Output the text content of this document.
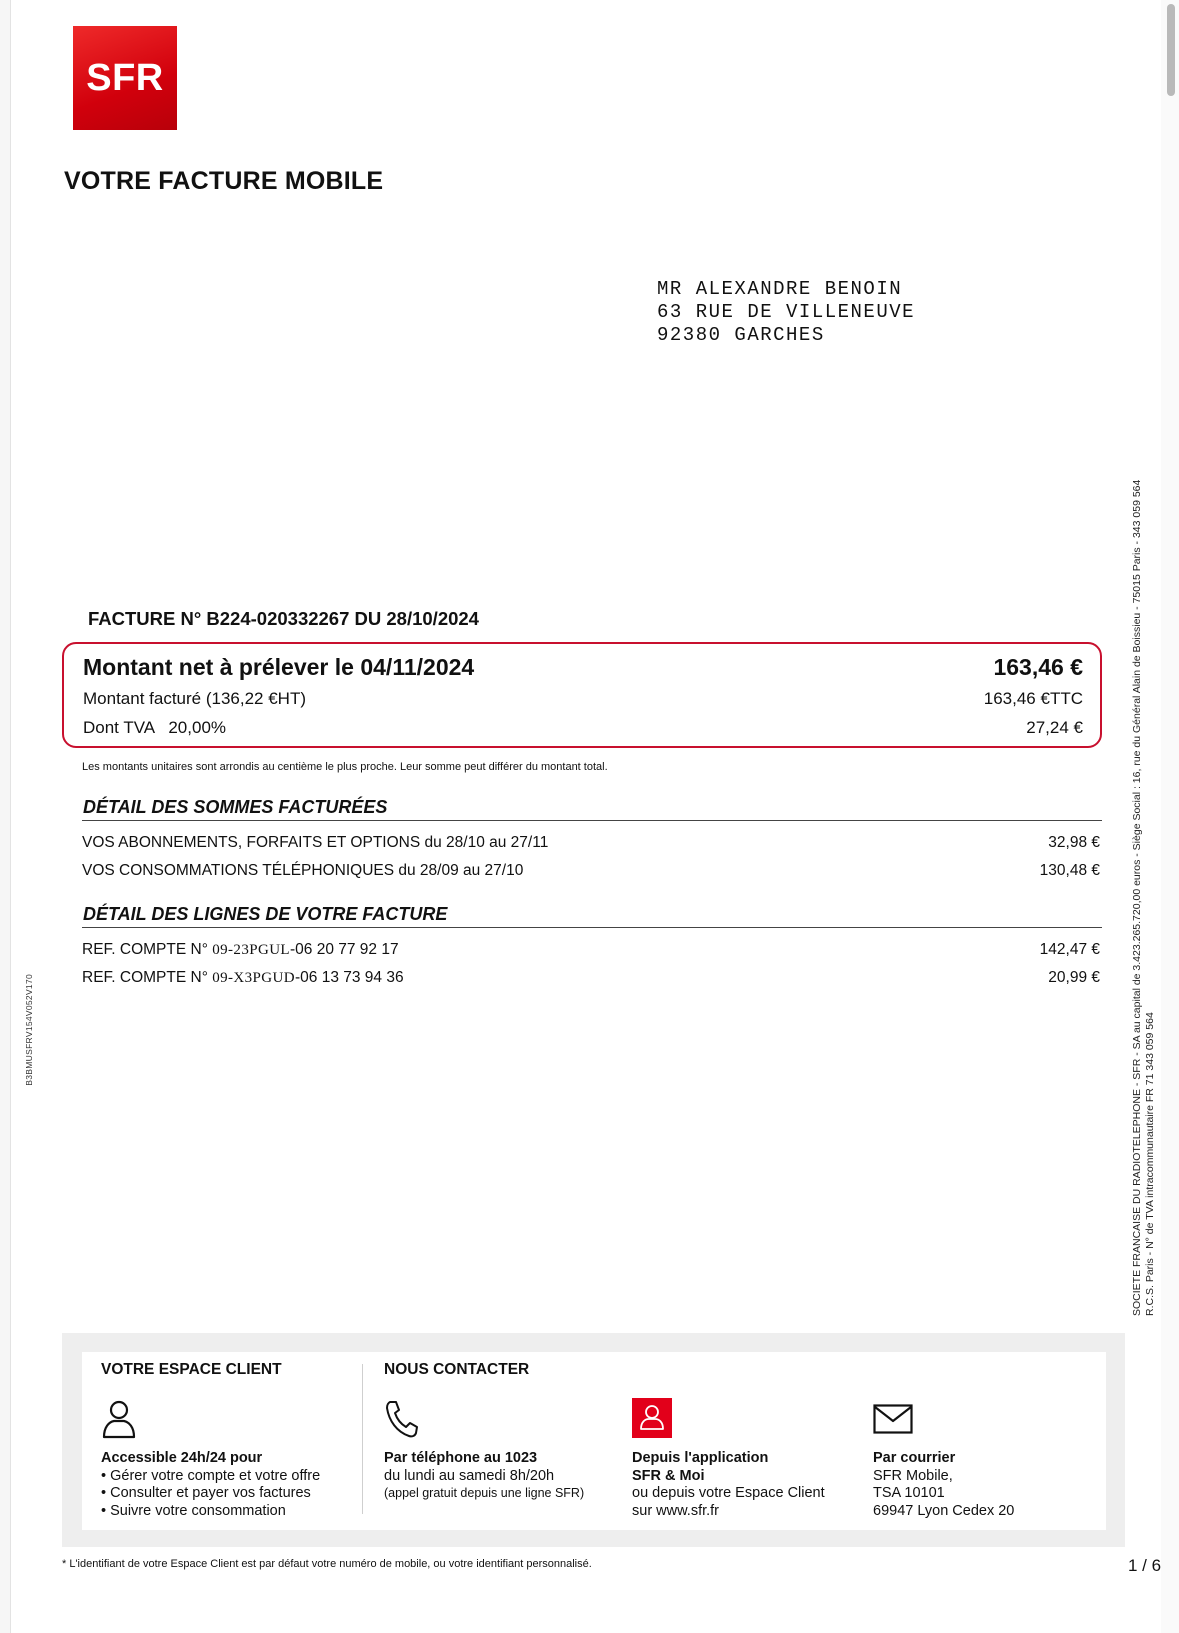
SFR
VOTRE FACTURE MOBILE
MR ALEXANDRE BENOIN
63 RUE DE VILLENEUVE
92380 GARCHES
FACTURE N° B224-020332267 DU 28/10/2024
Montant net à prélever le 04/11/2024	163,46 €
Montant facturé (136,22 €HT)	163,46 €TTC
Dont TVA   20,00%	27,24 €
Les montants unitaires sont arrondis au centième le plus proche. Leur somme peut différer du montant total.
DÉTAIL DES SOMMES FACTURÉES
VOS ABONNEMENTS, FORFAITS ET OPTIONS du 28/10 au 27/11	32,98 €
VOS CONSOMMATIONS TÉLÉPHONIQUES du 28/09 au 27/10	130,48 €
DÉTAIL DES LIGNES DE VOTRE FACTURE
REF. COMPTE N° 09-23PGUL-06 20 77 92 17	142,47 €
REF. COMPTE N° 09-X3PGUD-06 13 73 94 36	20,99 €
B3BMUSFRV154V052V170	SOCIETE FRANCAISE DU RADIOTELEPHONE - SFR - SA au capital de 3.423.265.720,00 euros - Siège Social : 16, rue du Général Alain de Boissieu - 75015 Paris - 343 059 564 R.C.S. Paris - N° de TVA intracommunautaire FR 71 343 059 564
VOTRE ESPACE CLIENT
Accessible 24h/24 pour
• Gérer votre compte et votre offre
• Consulter et payer vos factures
• Suivre votre consommation
NOUS CONTACTER
Par téléphone au 1023
du lundi au samedi 8h/20h
(appel gratuit depuis une ligne SFR)
Depuis l'application
SFR & Moi
ou depuis votre Espace Client
sur www.sfr.fr
Par courrier
SFR Mobile,
TSA 10101
69947 Lyon Cedex 20
* L'identifiant de votre Espace Client est par défaut votre numéro de mobile, ou votre identifiant personnalisé.	1 / 6
